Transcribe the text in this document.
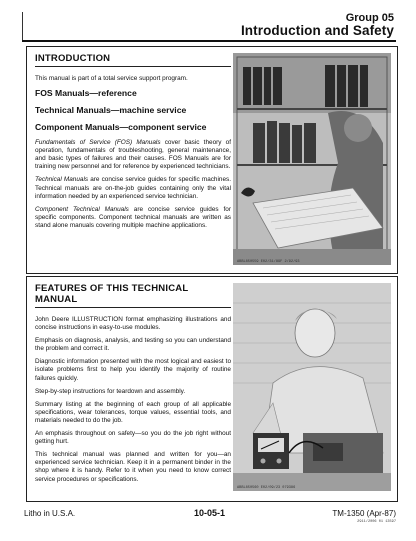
Group 05
Introduction and Safety
INTRODUCTION

This manual is part of a total service support program.

FOS Manuals—reference
Technical Manuals—machine service
Component Manuals—component service

Fundamentals of Service (FOS) Manuals cover basic theory of operation, fundamentals of troubleshooting, general maintenance, and basic types of failures and their causes. FOS Manuals are for training new personnel and for reference by experienced technicians.

Technical Manuals are concise service guides for specific machines. Technical manuals are on-the-job guides containing only the vital information needed by an experienced service technician.

Component Technical Manuals are concise service guides for specific components. Component technical manuals are written as stand alone manuals covering multiple machine applications.

ABBL850559 E02/31/89F 2/92/93
FEATURES OF THIS TECHNICAL MANUAL

John Deere ILLUSTRUCTION format emphasizing illustrations and concise instructions in easy-to-use modules.

Emphasis on diagnosis, analysis, and testing so you can understand the problem and correct it.

Diagnostic information presented with the most logical and easiest to isolate problems first to help you identify the majority of routine failures quickly.

Step-by-step instructions for teardown and assembly.

Summary listing at the beginning of each group of all applicable specifications, wear tolerances, torque values, essential tools, and materials needed to do the job.

An emphasis throughout on safety—so you do the job right without getting hurt.

This technical manual was planned and written for you—an experienced service technician. Keep it in a permanent binder in the shop where it is handy. Refer to it when you need to know correct service procedures or specifications.

ABBL850560 E02/09/23 079386
Litho in U.S.A.	10-05-1	TM-1350 (Apr-87)
2911/2006 01 13597
